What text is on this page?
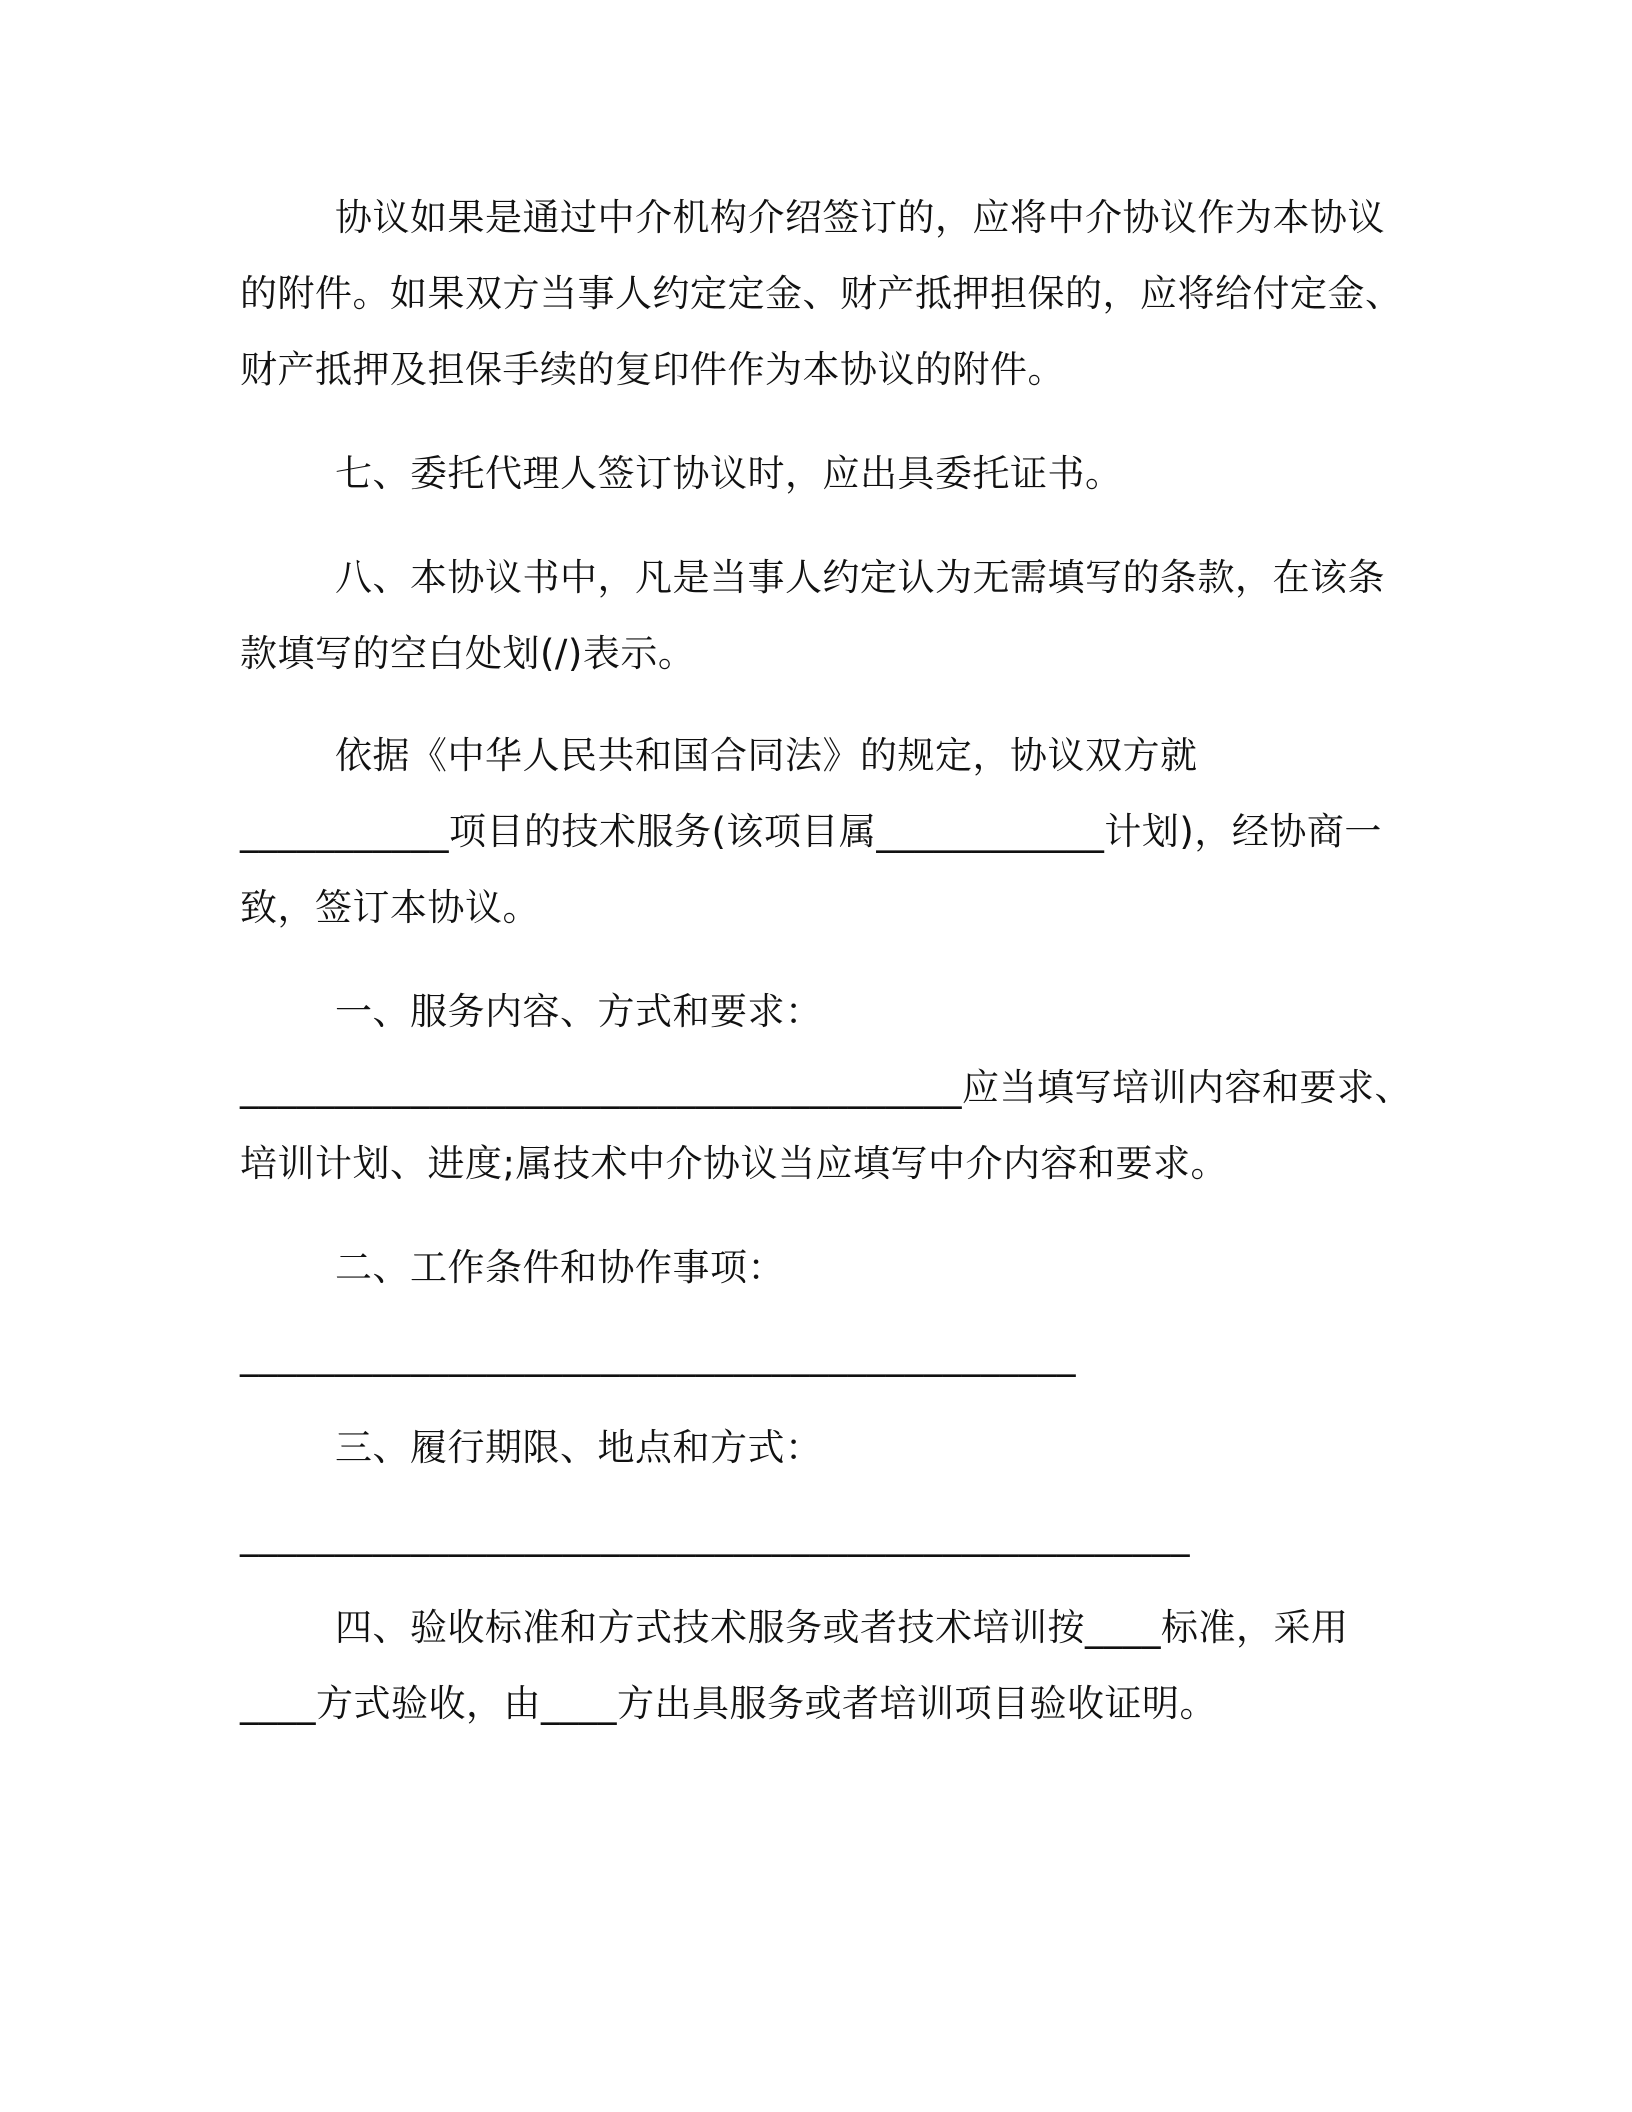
协议如果是通过中介机构介绍签订的，应将中介协议作为本协议
的附件。如果双方当事人约定定金、财产抵押担保的，应将给付定金、
财产抵押及担保手续的复印件作为本协议的附件。
七、委托代理人签订协议时，应出具委托证书。
八、本协议书中，凡是当事人约定认为无需填写的条款，在该条
款填写的空白处划(/)表示。
依据《中华人民共和国合同法》的规定，协议双方就
___________项目的技术服务(该项目属____________计划)，经协商一
致，签订本协议。
一、服务内容、方式和要求：
______________________________________应当填写培训内容和要求、
培训计划、进度;属技术中介协议当应填写中介内容和要求。
二、工作条件和协作事项：
____________________________________________
三、履行期限、地点和方式：
__________________________________________________
四、验收标准和方式技术服务或者技术培训按____标准，采用
____方式验收，由____方出具服务或者培训项目验收证明。
